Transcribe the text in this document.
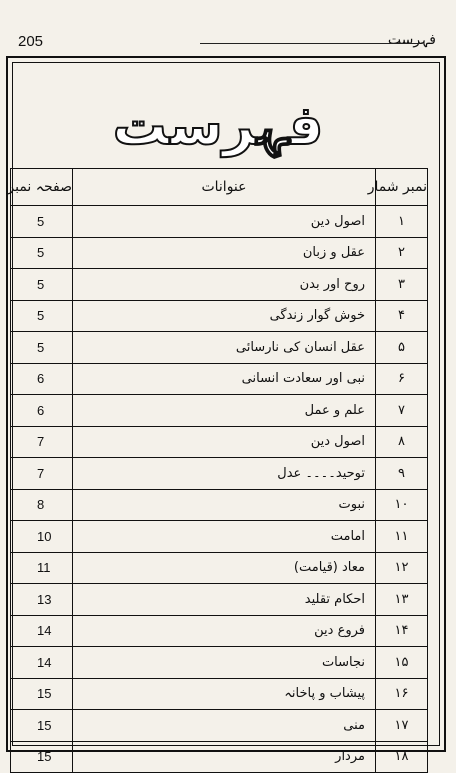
205	فہرست
فہرست
صفحہ نمبر	عنوانات	نمبر شمار
5	اصول دین	۱
5	عقل و زبان	۲
5	روح اور بدن	۳
5	خوش گوار زندگی	۴
5	عقل انسان کی نارسائی	۵
6	نبی اور سعادت انسانی	۶
6	علم و عمل	۷
7	اصول دین	۸
7	توحید۔۔۔۔ عدل	۹
8	نبوت	۱۰
10	امامت	۱۱
11	معاد (قیامت)	۱۲
13	احکام تقلید	۱۳
14	فروع دین	۱۴
14	نجاسات	۱۵
15	پیشاب و پاخانہ	۱۶
15	منی	۱۷
15	مردار	۱۸
